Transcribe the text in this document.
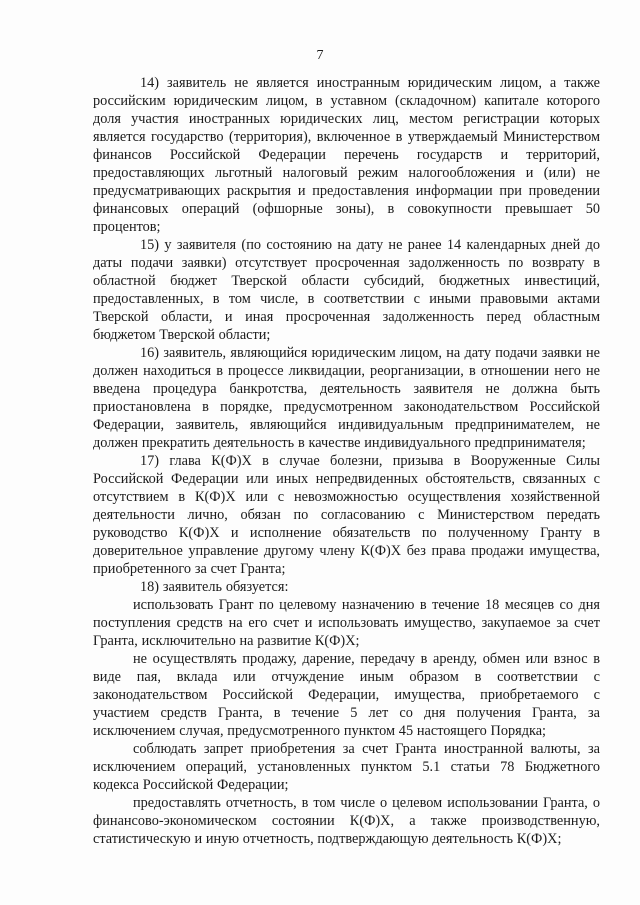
7

14) заявитель не является иностранным юридическим лицом, а также российским юридическим лицом, в уставном (складочном) капитале которого доля участия иностранных юридических лиц, местом регистрации которых является государство (территория), включенное в утверждаемый Министерством финансов Российской Федерации перечень государств и территорий, предоставляющих льготный налоговый режим налогообложения и (или) не предусматривающих раскрытия и предоставления информации при проведении финансовых операций (офшорные зоны), в совокупности превышает 50 процентов;

15) у заявителя (по состоянию на дату не ранее 14 календарных дней до даты подачи заявки) отсутствует просроченная задолженность по возврату в областной бюджет Тверской области субсидий, бюджетных инвестиций, предоставленных, в том числе, в соответствии с иными правовыми актами Тверской области, и иная просроченная задолженность перед областным бюджетом Тверской области;

16) заявитель, являющийся юридическим лицом, на дату подачи заявки не должен находиться в процессе ликвидации, реорганизации, в отношении него не введена процедура банкротства, деятельность заявителя не должна быть приостановлена в порядке, предусмотренном законодательством Российской Федерации, заявитель, являющийся индивидуальным предпринимателем, не должен прекратить деятельность в качестве индивидуального предпринимателя;

17) глава К(Ф)Х в случае болезни, призыва в Вооруженные Силы Российской Федерации или иных непредвиденных обстоятельств, связанных с отсутствием в К(Ф)Х или с невозможностью осуществления хозяйственной деятельности лично, обязан по согласованию с Министерством передать руководство К(Ф)Х и исполнение обязательств по полученному Гранту в доверительное управление другому члену К(Ф)Х без права продажи имущества, приобретенного за счет Гранта;

18) заявитель обязуется:

использовать Грант по целевому назначению в течение 18 месяцев со дня поступления средств на его счет и использовать имущество, закупаемое за счет Гранта, исключительно на развитие К(Ф)Х;

не осуществлять продажу, дарение, передачу в аренду, обмен или взнос в виде пая, вклада или отчуждение иным образом в соответствии с законодательством Российской Федерации, имущества, приобретаемого с участием средств Гранта, в течение 5 лет со дня получения Гранта, за исключением случая, предусмотренного пунктом 45 настоящего Порядка;

соблюдать запрет приобретения за счет Гранта иностранной валюты, за исключением операций, установленных пунктом 5.1 статьи 78 Бюджетного кодекса Российской Федерации;

предоставлять отчетность, в том числе о целевом использовании Гранта, о финансово-экономическом состоянии К(Ф)Х, а также производственную, статистическую и иную отчетность, подтверждающую деятельность К(Ф)Х;
